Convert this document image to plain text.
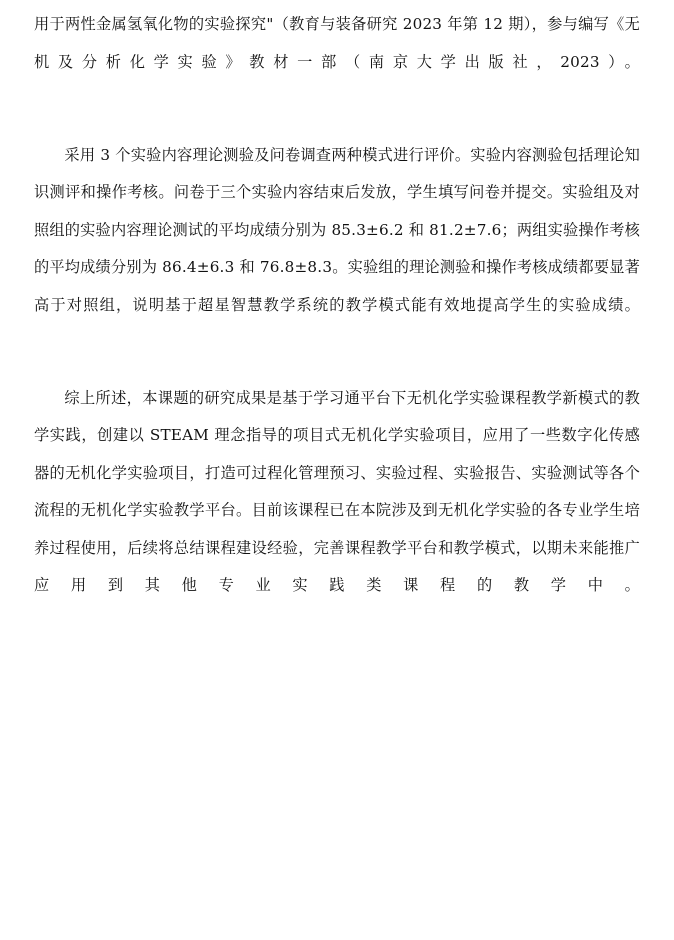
用于两性金属氢氧化物的实验探究"（教育与装备研究 2023 年第 12 期），参与编写《无机及分析化学实验》教材一部（南京大学出版社，2023）。

采用 3 个实验内容理论测验及问卷调查两种模式进行评价。实验内容测验包括理论知识测评和操作考核。问卷于三个实验内容结束后发放，学生填写问卷并提交。实验组及对照组的实验内容理论测试的平均成绩分别为 85.3±6.2 和 81.2±7.6；两组实验操作考核的平均成绩分别为 86.4±6.3 和 76.8±8.3。实验组的理论测验和操作考核成绩都要显著高于对照组，说明基于超星智慧教学系统的教学模式能有效地提高学生的实验成绩。

综上所述，本课题的研究成果是基于学习通平台下无机化学实验课程教学新模式的教学实践，创建以 STEAM 理念指导的项目式无机化学实验项目，应用了一些数字化传感器的无机化学实验项目，打造可过程化管理预习、实验过程、实验报告、实验测试等各个流程的无机化学实验教学平台。目前该课程已在本院涉及到无机化学实验的各专业学生培养过程使用，后续将总结课程建设经验，完善课程教学平台和教学模式，以期未来能推广应用到其他专业实践类课程的教学中。
